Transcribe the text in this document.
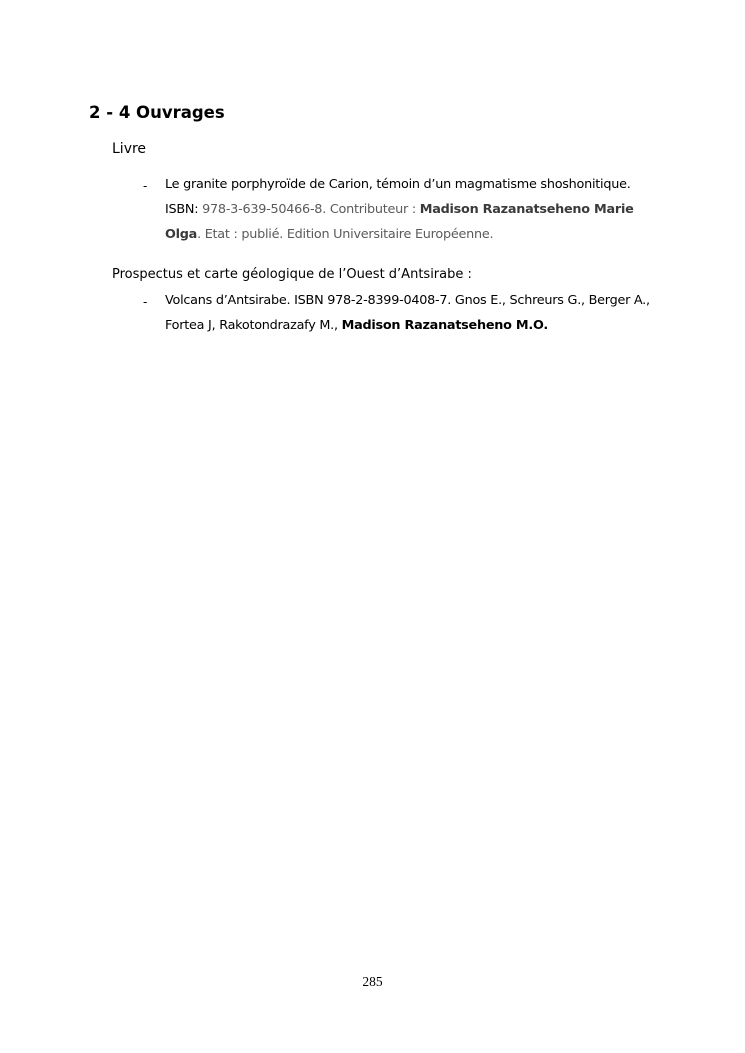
2 - 4 Ouvrages
Livre
- Le granite porphyroïde de Carion, témoin d’un magmatisme shoshonitique.
ISBN: 978-3-639-50466-8. Contributeur : Madison Razanatseheno Marie
Olga. Etat : publié. Edition Universitaire Européenne.
Prospectus et carte géologique de l’Ouest d’Antsirabe :
- Volcans d’Antsirabe. ISBN 978-2-8399-0408-7. Gnos E., Schreurs G., Berger A.,
Fortea J, Rakotondrazafy M., Madison Razanatseheno M.O.
285
